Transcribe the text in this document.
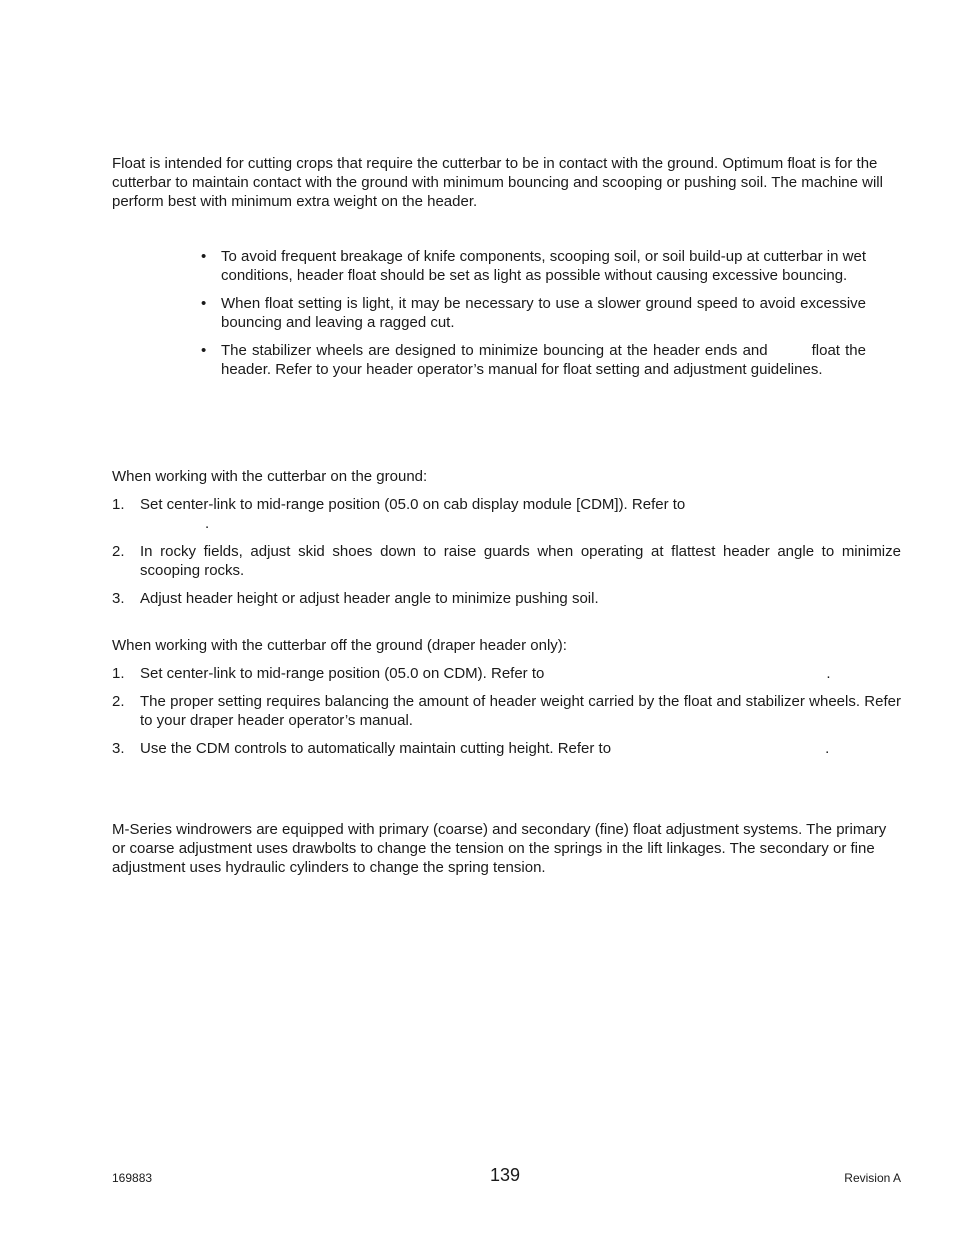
Float is intended for cutting crops that require the cutterbar to be in contact with the ground. Optimum float is for the cutterbar to maintain contact with the ground with minimum bouncing and scooping or pushing soil. The machine will perform best with minimum extra weight on the header.

• To avoid frequent breakage of knife components, scooping soil, or soil build-up at cutterbar in wet conditions, header float should be set as light as possible without causing excessive bouncing.
• When float setting is light, it may be necessary to use a slower ground speed to avoid excessive bouncing and leaving a ragged cut.
• The stabilizer wheels are designed to minimize bouncing at the header ends and	float the header. Refer to your header operator’s manual for float setting and adjustment guidelines.

When working with the cutterbar on the ground:

1. Set center-link to mid-range position (05.0 on cab display module [CDM]). Refer to
.
2. In rocky fields, adjust skid shoes down to raise guards when operating at flattest header angle to minimize scooping rocks.
3. Adjust header height or adjust header angle to minimize pushing soil.

When working with the cutterbar off the ground (draper header only):

1. Set center-link to mid-range position (05.0 on CDM). Refer to	.
2. The proper setting requires balancing the amount of header weight carried by the float and stabilizer wheels. Refer to your draper header operator’s manual.
3. Use the CDM controls to automatically maintain cutting height. Refer to	.

M-Series windrowers are equipped with primary (coarse) and secondary (fine) float adjustment systems. The primary or coarse adjustment uses drawbolts to change the tension on the springs in the lift linkages. The secondary or fine adjustment uses hydraulic cylinders to change the spring tension.

169883	139	Revision A
